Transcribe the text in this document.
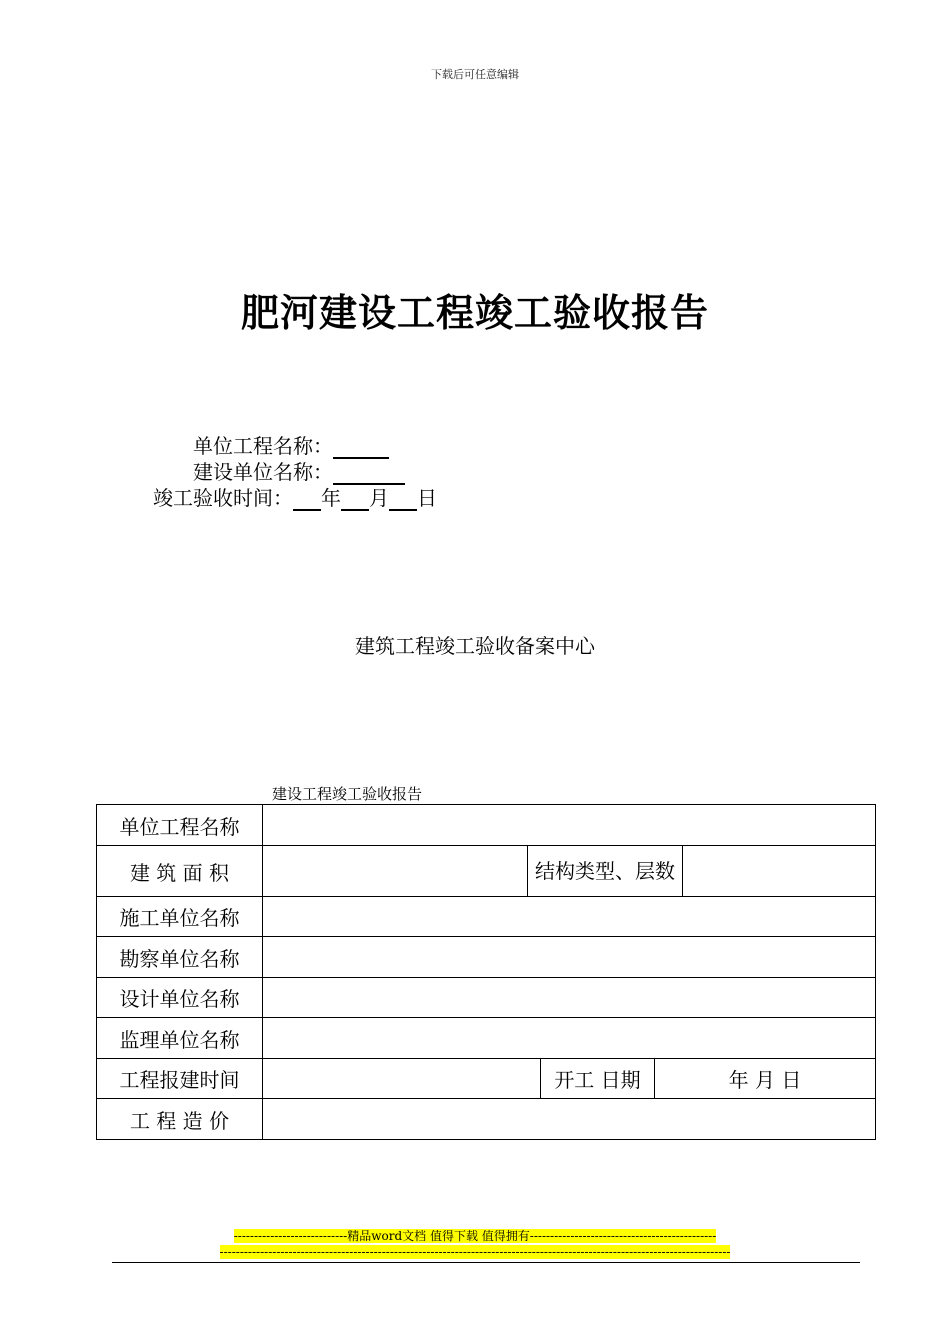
下载后可任意编辑
肥河建设工程竣工验收报告
单位工程名称：
建设单位名称：
竣工验收时间： 年 月 日
建筑工程竣工验收备案中心
建设工程竣工验收报告
单位工程名称					
建 筑 面 积		结构类型、层数			
施工单位名称					
勘察单位名称					
设计单位名称					
监理单位名称					
工程报建时间			开工 日期	年 月 日	
工 程 造 价					
----------------------------精品word文档 值得下载 值得拥有----------------------------------------------
------------------------------------------------------------------------------------------------------------------------------
